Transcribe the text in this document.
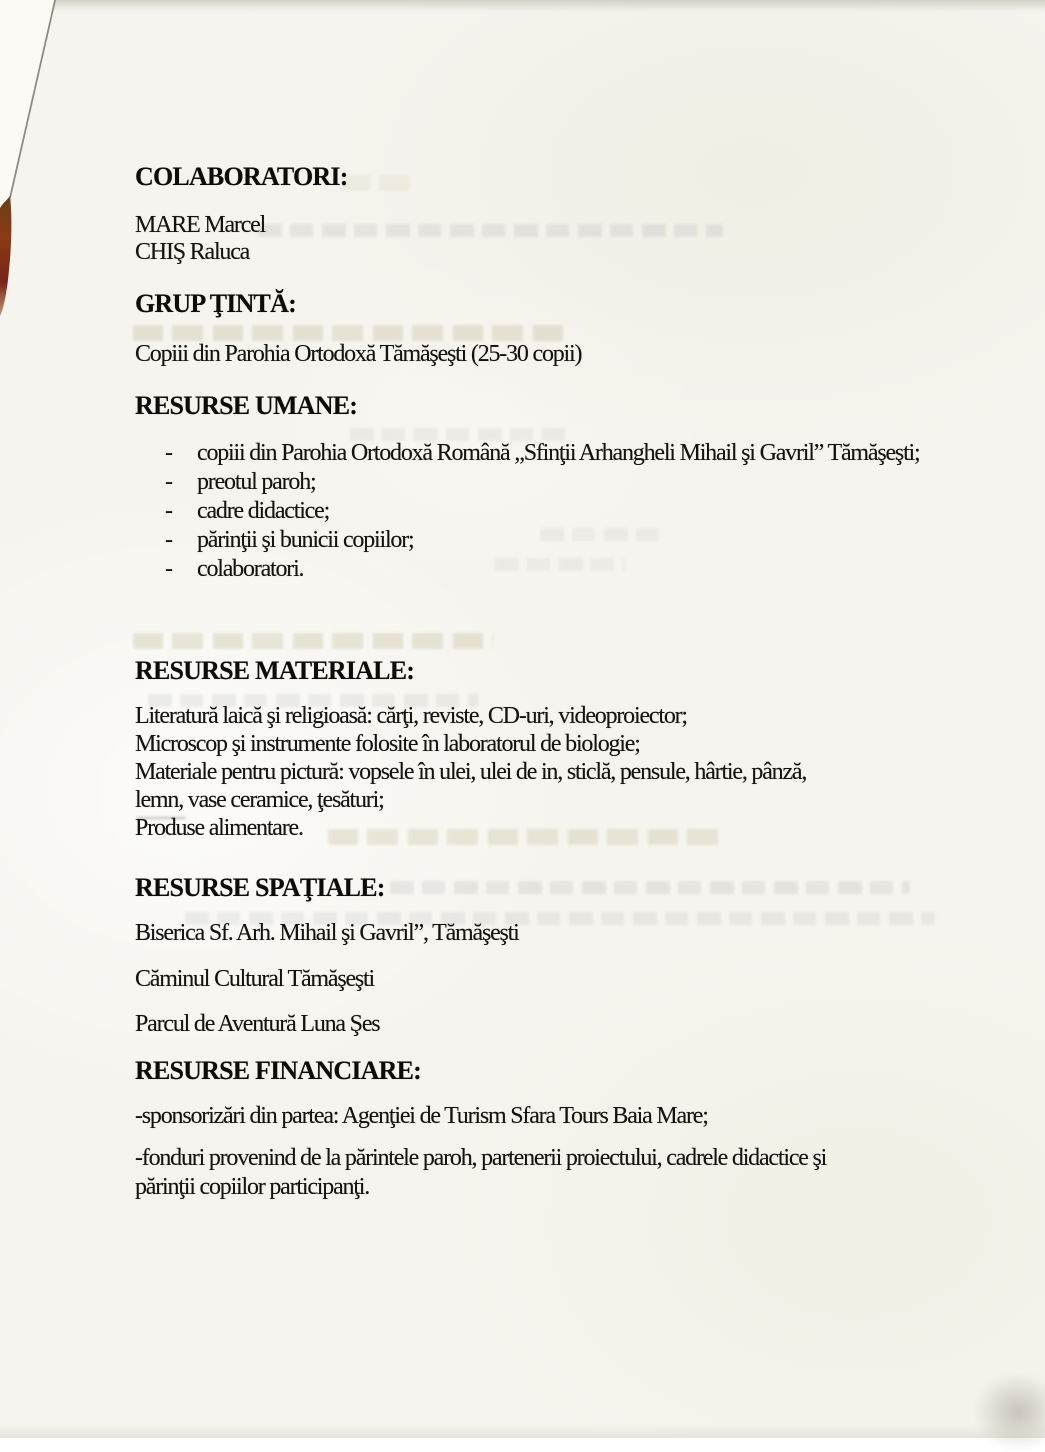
COLABORATORI:
MARE Marcel
CHIŞ Raluca
GRUP ŢINTĂ:
Copiii din Parohia Ortodoxă Tămăşeşti (25-30 copii)
RESURSE UMANE:
- copiii din Parohia Ortodoxă Română „Sfinţii Arhangheli Mihail şi Gavril” Tămăşeşti;
- preotul paroh;
- cadre didactice;
- părinţii şi bunicii copiilor;
- colaboratori.
RESURSE MATERIALE:
Literatură laică şi religioasă: cărţi, reviste, CD-uri, videoproiector;
Microscop şi instrumente folosite în laboratorul de biologie;
Materiale pentru pictură: vopsele în ulei, ulei de in, sticlă, pensule, hârtie, pânză,
lemn, vase ceramice, ţesături;
Produse alimentare.
RESURSE SPAŢIALE:
Biserica Sf. Arh. Mihail şi Gavril”, Tămăşeşti
Căminul Cultural Tămăşeşti
Parcul de Aventură Luna Şes
RESURSE FINANCIARE:
-sponsorizări din partea: Agenţiei de Turism Sfara Tours Baia Mare;
-fonduri provenind de la părintele paroh, partenerii proiectului, cadrele didactice şi
părinţii copiilor participanţi.
